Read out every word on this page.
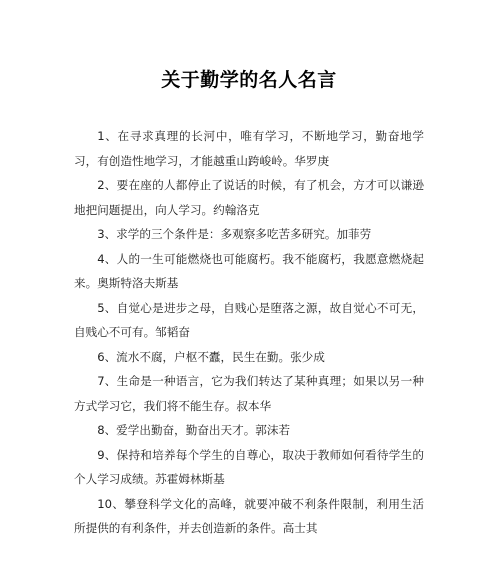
关于勤学的名人名言

1、在寻求真理的长河中，唯有学习，不断地学习，勤奋地学习，有创造性地学习，才能越重山跨峻岭。华罗庚

2、要在座的人都停止了说话的时候，有了机会，方才可以谦逊地把问题提出，向人学习。约翰洛克

3、求学的三个条件是：多观察多吃苦多研究。加菲劳

4、人的一生可能燃烧也可能腐朽。我不能腐朽，我愿意燃烧起来。奥斯特洛夫斯基

5、自觉心是进步之母，自贱心是堕落之源，故自觉心不可无，自贱心不可有。邹韬奋

6、流水不腐，户枢不蠹，民生在勤。张少成

7、生命是一种语言，它为我们转达了某种真理；如果以另一种方式学习它，我们将不能生存。叔本华

8、爱学出勤奋，勤奋出天才。郭沫若

9、保持和培养每个学生的自尊心，取决于教师如何看待学生的个人学习成绩。苏霍姆林斯基

10、攀登科学文化的高峰，就要冲破不利条件限制，利用生活所提供的有利条件，并去创造新的条件。高士其
